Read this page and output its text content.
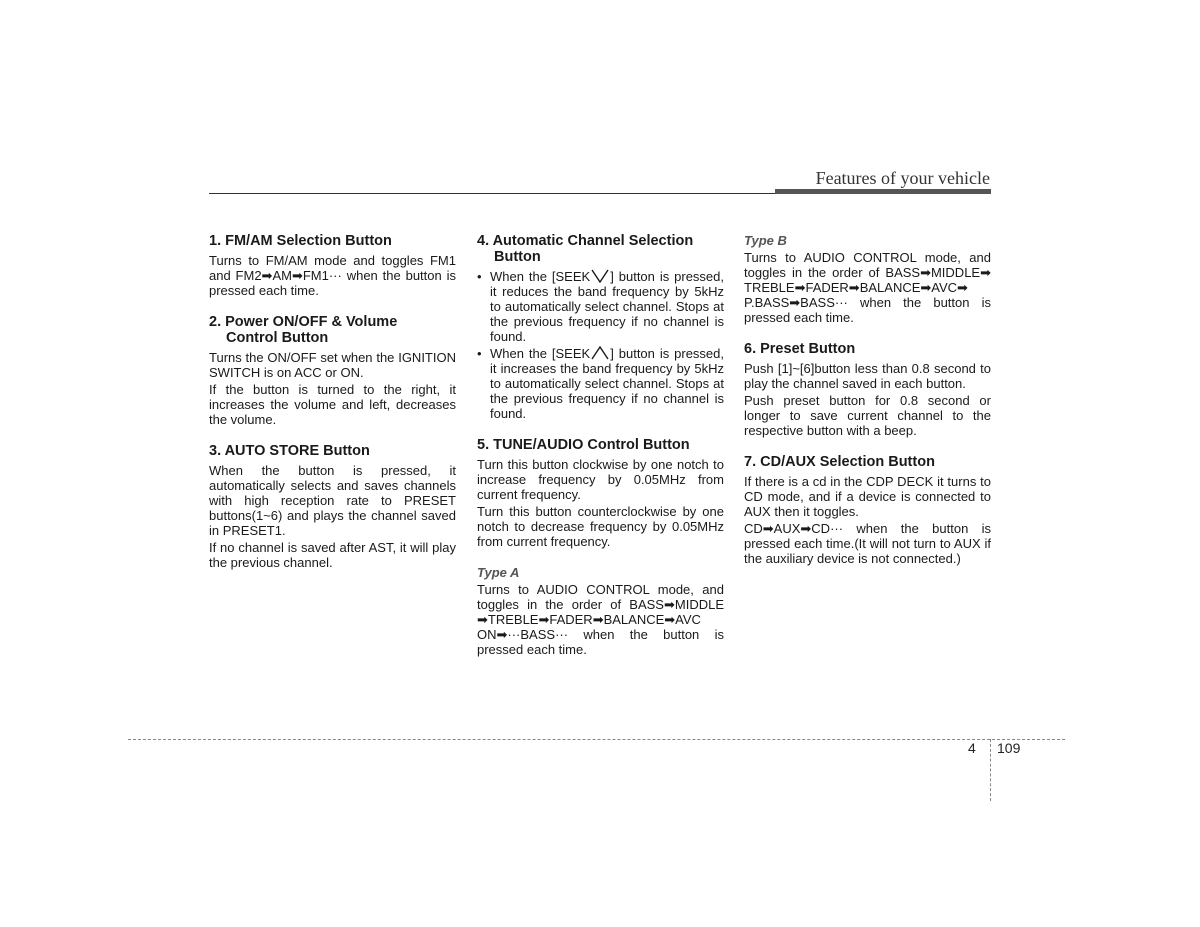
Features of your vehicle
1. FM/AM Selection Button

Turns to FM/AM mode and toggles FM1 and FM2➡AM➡FM1··· when the button is pressed each time.

2. Power ON/OFF & Volume
Control Button

Turns the ON/OFF set when the IGNITION SWITCH is on ACC or ON.

If the button is turned to the right, it increases the volume and left, decreases the volume.

3. AUTO STORE Button

When the button is pressed, it automatically selects and saves channels with high reception rate to PRESET buttons(1~6) and plays the channel saved in PRESET1.

If no channel is saved after AST, it will play the previous channel.

4. Automatic Channel Selection
Button
• When the [SEEK ] button is pressed, it reduces the band frequency by 5kHz to automatically select channel. Stops at the previous frequency if no channel is found.
• When the [SEEK ] button is pressed, it increases the band frequency by 5kHz to automatically select channel. Stops at the previous frequency if no channel is found.
5. TUNE/AUDIO Control Button

Turn this button clockwise by one notch to increase frequency by 0.05MHz from current frequency.

Turn this button counterclockwise by one notch to decrease frequency by 0.05MHz from current frequency.

Type A

Turns to AUDIO CONTROL mode, and toggles in the order of BASS➡MIDDLE ➡TREBLE➡FADER➡BALANCE➡AVC ON➡···BASS··· when the button is pressed each time.

Type B

Turns to AUDIO CONTROL mode, and toggles in the order of BASS➡MIDDLE➡ TREBLE➡FADER➡BALANCE➡AVC➡ P.BASS➡BASS··· when the button is pressed each time.

6. Preset Button

Push [1]~[6]button less than 0.8 second to play the channel saved in each button.

Push preset button for 0.8 second or longer to save current channel to the respective button with a beep.

7. CD/AUX Selection Button

If there is a cd in the CDP DECK it turns to CD mode, and if a device is connected to AUX then it toggles.

CD➡AUX➡CD··· when the button is pressed each time.(It will not turn to AUX if the auxiliary device is not connected.)

4 109
